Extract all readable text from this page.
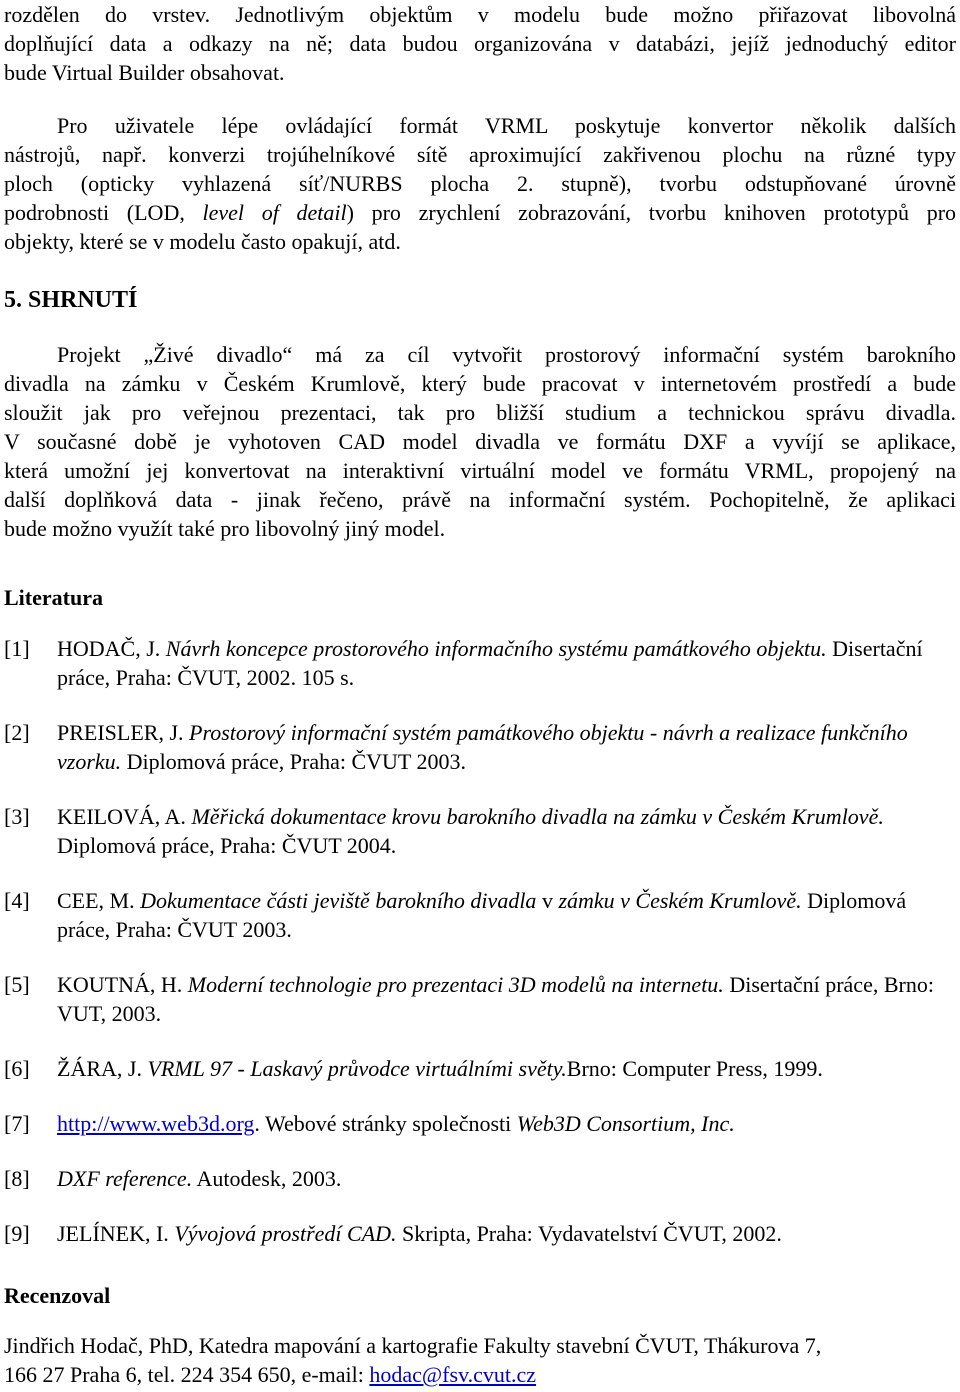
rozdělen do vrstev. Jednotlivým objektům v modelu bude možno přiřazovat libovolná

doplňující data a odkazy na ně; data budou organizována v databázi, jejíž jednoduchý editor

bude Virtual Builder obsahovat.

Pro uživatele lépe ovládající formát VRML poskytuje konvertor několik dalších

nástrojů, např. konverzi trojúhelníkové sítě aproximující zakřivenou plochu na různé typy

ploch (opticky vyhlazená síť/NURBS plocha 2. stupně), tvorbu odstupňované úrovně

podrobnosti (LOD, level of detail) pro zrychlení zobrazování, tvorbu knihoven prototypů pro

objekty, které se v modelu často opakují, atd.

5. SHRNUTÍ

Projekt „Živé divadlo“ má za cíl vytvořit prostorový informační systém barokního

divadla na zámku v Českém Krumlově, který bude pracovat v internetovém prostředí a bude

sloužit jak pro veřejnou prezentaci, tak pro bližší studium a technickou správu divadla.

V současné době je vyhotoven CAD model divadla ve formátu DXF a vyvíjí se aplikace,

která umožní jej konvertovat na interaktivní virtuální model ve formátu VRML, propojený na

další doplňková data - jinak řečeno, právě na informační systém. Pochopitelně, že aplikaci

bude možno využít také pro libovolný jiný model.

Literatura
[1] HODAČ, J. Návrh koncepce prostorového informačního systému památkového objektu. Disertační práce, Praha: ČVUT, 2002. 105 s.
[2] PREISLER, J. Prostorový informační systém památkového objektu - návrh a realizace funkčního vzorku. Diplomová práce, Praha: ČVUT 2003.
[3] KEILOVÁ, A. Měřická dokumentace krovu barokního divadla na zámku v Českém Krumlově. Diplomová práce, Praha: ČVUT 2004.
[4] CEE, M. Dokumentace části jeviště barokního divadla v zámku v Českém Krumlově. Diplomová práce, Praha: ČVUT 2003.
[5] KOUTNÁ, H. Moderní technologie pro prezentaci 3D modelů na internetu. Disertační práce, Brno: VUT, 2003.
[6] ŽÁRA, J. VRML 97 - Laskavý průvodce virtuálními světy.Brno: Computer Press, 1999.
[7] http://www.web3d.org. Webové stránky společnosti Web3D Consortium, Inc.
[8] DXF reference. Autodesk, 2003.
[9] JELÍNEK, I. Vývojová prostředí CAD. Skripta, Praha: Vydavatelství ČVUT, 2002.
Recenzoval

Jindřich Hodač, PhD, Katedra mapování a kartografie Fakulty stavební ČVUT, Thákurova 7,

166 27 Praha 6, tel. 224 354 650, e-mail: hodac@fsv.cvut.cz
